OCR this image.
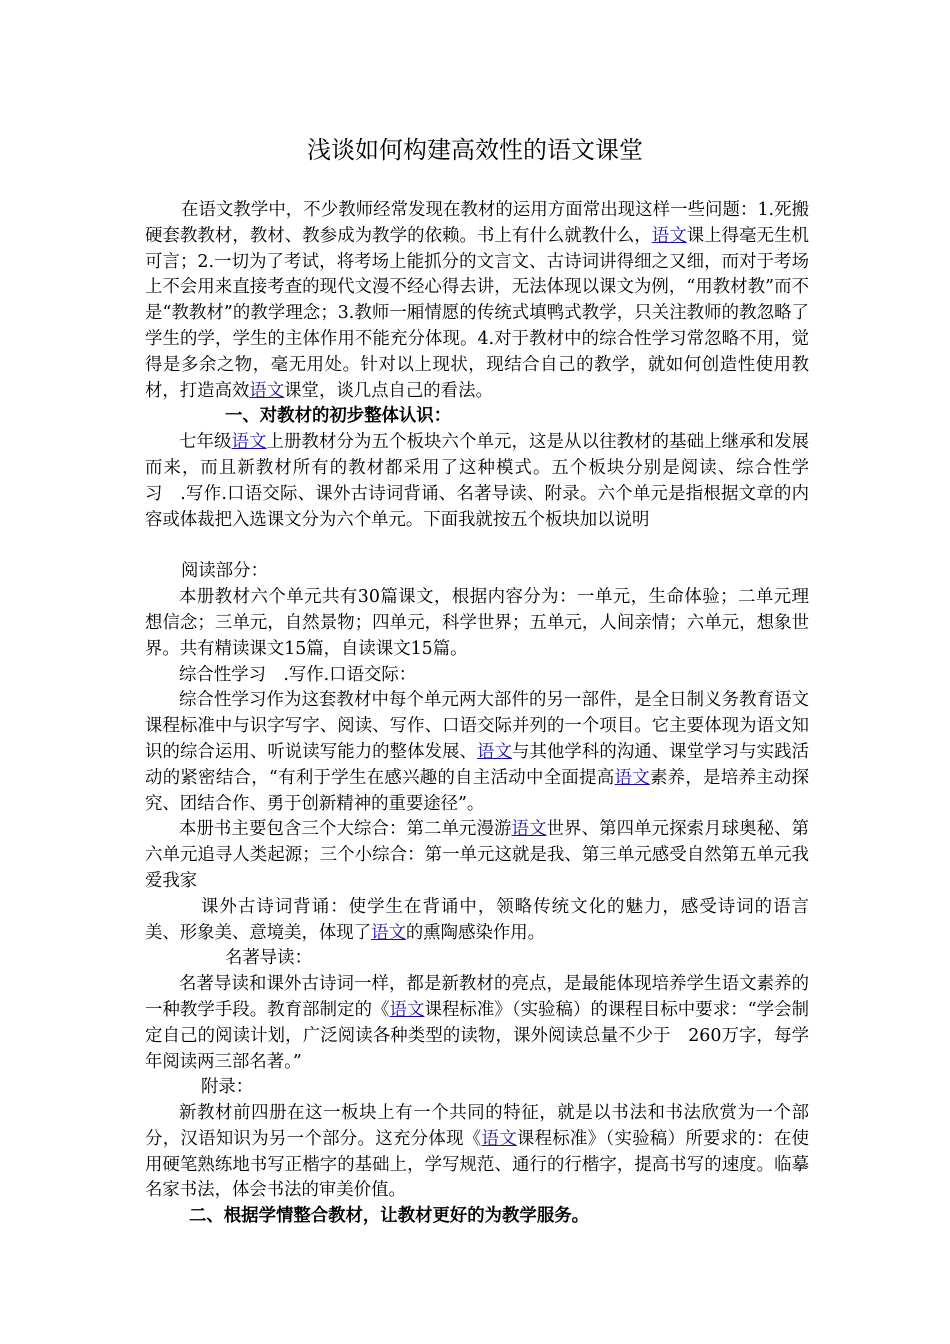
浅谈如何构建高效性的语文课堂

在语文教学中，不少教师经常发现在教材的运用方面常出现这样一些问题：1.死搬硬套教教材，教材、教参成为教学的依赖。书上有什么就教什么，语文课上得毫无生机可言；2.一切为了考试，将考场上能抓分的文言文、古诗词讲得细之又细，而对于考场上不会用来直接考查的现代文漫不经心得去讲，无法体现以课文为例，“用教材教”而不是“教教材”的教学理念；3.教师一厢情愿的传统式填鸭式教学，只关注教师的教忽略了学生的学，学生的主体作用不能充分体现。4.对于教材中的综合性学习常忽略不用，觉得是多余之物，毫无用处。针对以上现状，现结合自己的教学，就如何创造性使用教材，打造高效语文课堂，谈几点自己的看法。

一、对教材的初步整体认识：

七年级语文上册教材分为五个板块六个单元，这是从以往教材的基础上继承和发展而来，而且新教材所有的教材都采用了这种模式。五个板块分别是阅读、综合性学习　.写作.口语交际、课外古诗词背诵、名著导读、附录。六个单元是指根据文章的内容或体裁把入选课文分为六个单元。下面我就按五个板块加以说明

阅读部分：

本册教材六个单元共有30篇课文，根据内容分为：一单元，生命体验；二单元理想信念；三单元，自然景物；四单元，科学世界；五单元，人间亲情；六单元，想象世界。共有精读课文15篇，自读课文15篇。

综合性学习　.写作.口语交际：

综合性学习作为这套教材中每个单元两大部件的另一部件，是全日制义务教育语文课程标准中与识字写字、阅读、写作、口语交际并列的一个项目。它主要体现为语文知识的综合运用、听说读写能力的整体发展、语文与其他学科的沟通、课堂学习与实践活动的紧密结合，“有利于学生在感兴趣的自主活动中全面提高语文素养，是培养主动探究、团结合作、勇于创新精神的重要途径”。

本册书主要包含三个大综合：第二单元漫游语文世界、第四单元探索月球奥秘、第六单元追寻人类起源；三个小综合：第一单元这就是我、第三单元感受自然第五单元我爱我家

课外古诗词背诵：使学生在背诵中，领略传统文化的魅力，感受诗词的语言美、形象美、意境美，体现了语文的熏陶感染作用。

名著导读：

名著导读和课外古诗词一样，都是新教材的亮点，是最能体现培养学生语文素养的一种教学手段。教育部制定的《语文课程标准》（实验稿）的课程目标中要求：“学会制定自己的阅读计划，广泛阅读各种类型的读物，课外阅读总量不少于　260万字，每学年阅读两三部名著。”

附录：

新教材前四册在这一板块上有一个共同的特征，就是以书法和书法欣赏为一个部分，汉语知识为另一个部分。这充分体现《语文课程标准》（实验稿）所要求的：在使用硬笔熟练地书写正楷字的基础上，学写规范、通行的行楷字，提高书写的速度。临摹名家书法，体会书法的审美价值。

二、根据学情整合教材，让教材更好的为教学服务。
